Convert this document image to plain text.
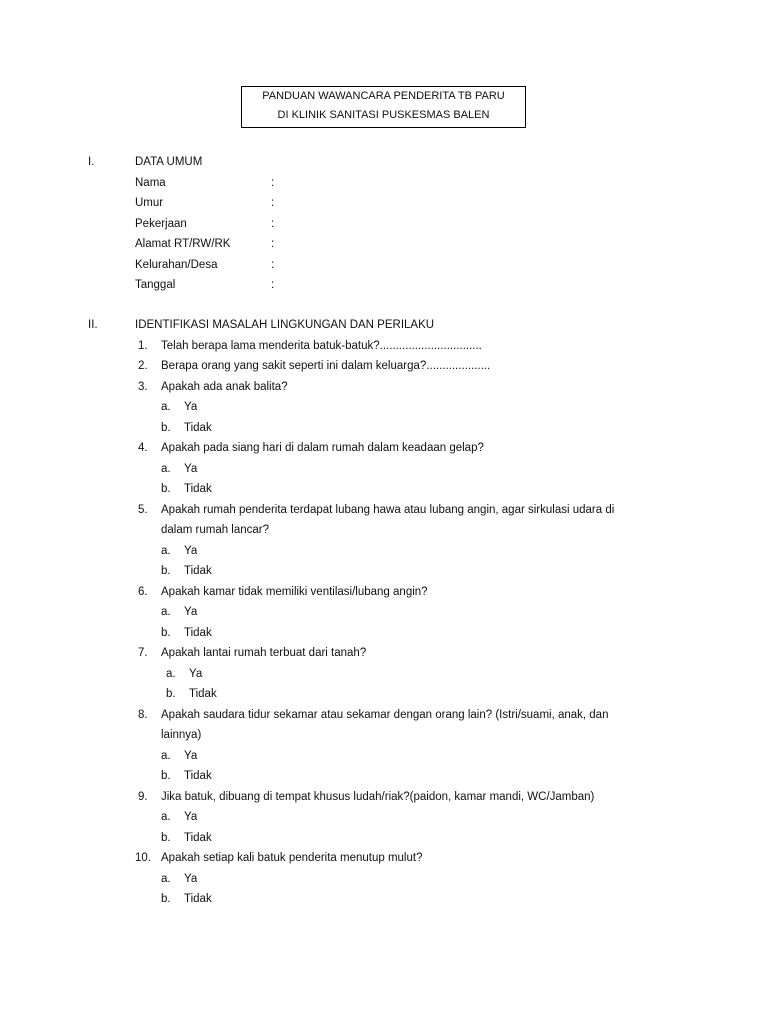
PANDUAN WAWANCARA PENDERITA TB PARU
DI KLINIK SANITASI PUSKESMAS BALEN
I.	DATA UMUM
Nama	:
Umur	:
Pekerjaan	:
Alamat RT/RW/RK	:
Kelurahan/Desa	:
Tanggal	:
II.	IDENTIFIKASI MASALAH LINGKUNGAN DAN PERILAKU
1. Telah berapa lama menderita batuk-batuk?................................
2. Berapa orang yang sakit seperti ini dalam keluarga?....................
3. Apakah ada anak balita?
a. Ya
b. Tidak
4. Apakah pada siang hari di dalam rumah dalam keadaan gelap?
a. Ya
b. Tidak
5. Apakah rumah penderita terdapat lubang hawa atau lubang angin, agar sirkulasi udara di
dalam rumah lancar?
a. Ya
b. Tidak
6. Apakah kamar tidak memiliki ventilasi/lubang angin?
a. Ya
b. Tidak
7. Apakah lantai rumah terbuat dari tanah?
a. Ya
b. Tidak
8. Apakah saudara tidur sekamar atau sekamar dengan orang lain? (Istri/suami, anak, dan
lainnya)
a. Ya
b. Tidak
9. Jika batuk, dibuang di tempat khusus ludah/riak?(paidon, kamar mandi, WC/Jamban)
a. Ya
b. Tidak
10. Apakah setiap kali batuk penderita menutup mulut?
a. Ya
b. Tidak
